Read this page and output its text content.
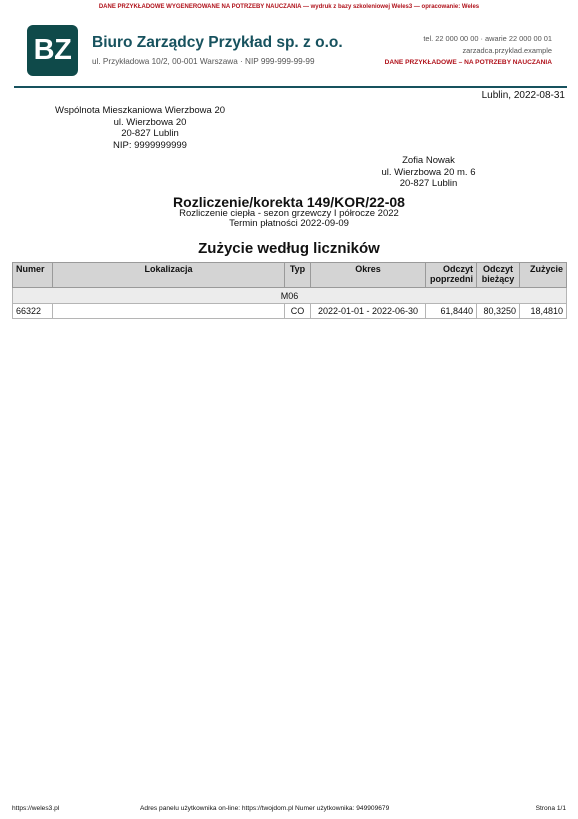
DANE PRZYKŁADOWE WYGENEROWANE NA POTRZEBY NAUCZANIA — wydruk z bazy szkoleniowej Weles3 — opracowanie: Weles
BZ	Biuro Zarządcy Przykład sp. z o.o.
ul. Przykładowa 10/2, 00-001 Warszawa · NIP 999-999-99-99
tel. 22 000 00 00 · awarie 22 000 00 01
zarzadca.przyklad.example
DANE PRZYKŁADOWE – NA POTRZEBY NAUCZANIA
Lublin, 2022-08-31
Wspólnota Mieszkaniowa Wierzbowa 20
ul. Wierzbowa 20
20-827 Lublin
NIP: 9999999999
Zofia Nowak
ul. Wierzbowa 20 m. 6
20-827 Lublin
Rozliczenie/korekta 149/KOR/22-08
Rozliczenie ciepła - sezon grzewczy I półrocze 2022
Termin płatności 2022-09-09
Zużycie według liczników
Numer	Lokalizacja	Typ	Okres	Odczyt poprzedni	Odczyt bieżący	Zużycie
M06						
66322		CO	2022-01-01 - 2022-06-30	61,8440	80,3250	18,4810
https://weles3.pl	Adres panelu użytkownika on-line: https://twojdom.pl Numer użytkownika: 949909679	Strona 1/1
